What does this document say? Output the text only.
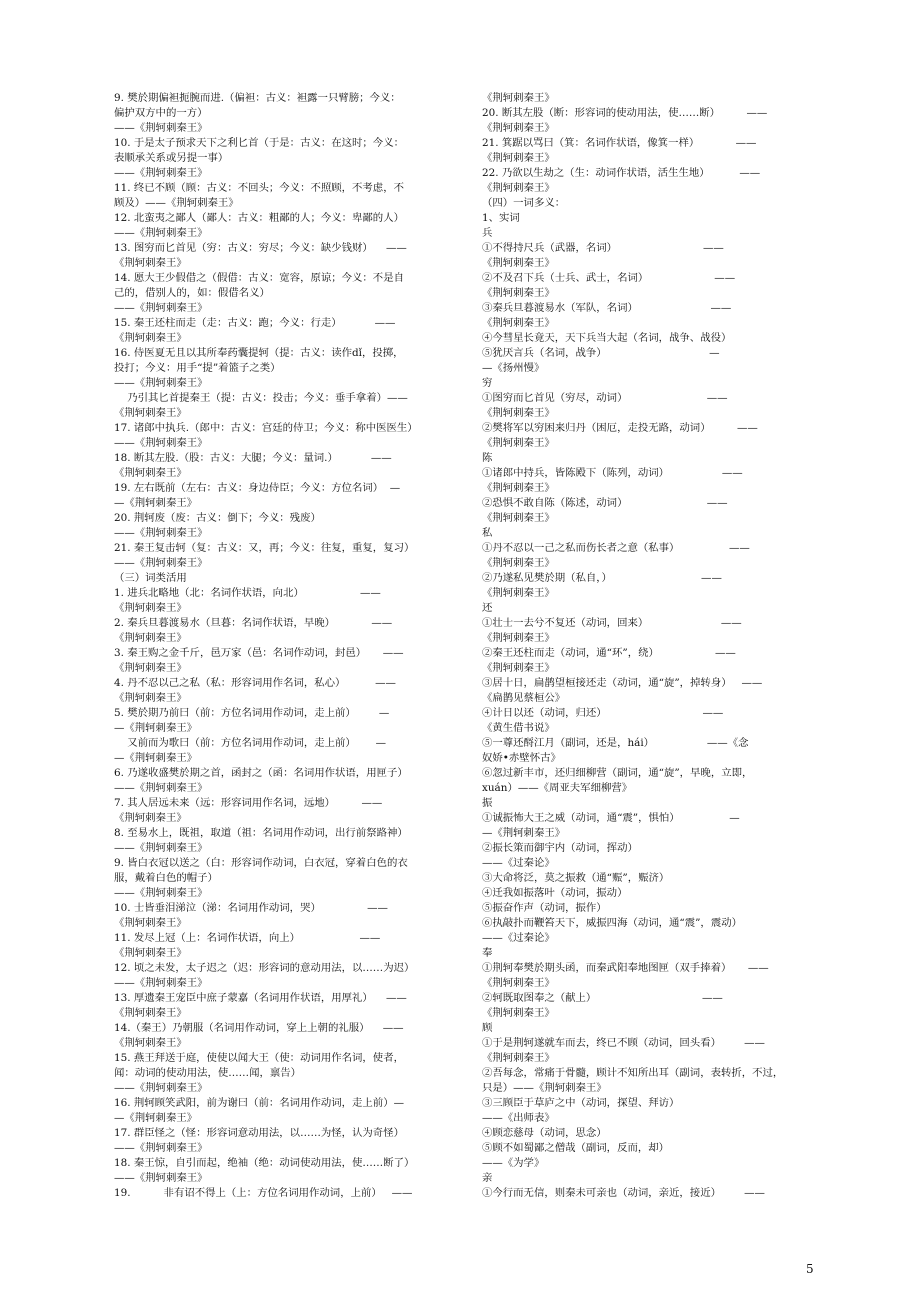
9. 樊於期偏袒扼腕而进.（偏袒：古义：袒露一只臂膀；今义：
偏护双方中的一方）
——《荆轲刺秦王》
10. 于是太子预求天下之利匕首（于是：古义：在这时；今义：
表顺承关系或另提一事）
——《荆轲刺秦王》
11. 终已不顾（顾：古义：不回头；今义：不照顾，不考虑，不
顾及）——《荆轲刺秦王》
12. 北蛮夷之鄙人（鄙人：古义：粗鄙的人；今义：卑鄙的人）
——《荆轲刺秦王》
13. 图穷而匕首见（穷：古义：穷尽；今义：缺少钱财）    ——
《荆轲刺秦王》
14. 愿大王少假借之（假借：古义：宽容，原谅；今义：不是自
己的，借别人的，如：假借名义）
——《荆轲刺秦王》
15. 秦王还柱而走（走：古义：跑；今义：行走）          ——
《荆轲刺秦王》
16. 侍医夏无且以其所奉药囊提轲（提：古义：读作dǐ，投掷，
投打；今义：用手“提”着篮子之类）
——《荆轲刺秦王》
乃引其匕首提秦王（提：古义：投击；今义：垂手拿着）——
《荆轲刺秦王》
17. 诸郎中执兵.（郎中：古义：宫廷的侍卫；今义：称中医医生）
——《荆轲刺秦王》
18. 断其左股.（股：古义：大腿；今义：量词.）          ——
《荆轲刺秦王》
19. 左右既前（左右：古义：身边侍臣；今义：方位名词）  —
—《荆轲刺秦王》
20. 荆轲废（废：古义：倒下；今义：残废）
——《荆轲刺秦王》
21. 秦王复击轲（复：古义：又，再；今义：往复，重复，复习）
——《荆轲刺秦王》
（三）词类活用
1. 进兵北略地（北：名词作状语，向北）                 ——
《荆轲刺秦王》
2. 秦兵旦暮渡易水（旦暮：名词作状语，早晚）           ——
《荆轲刺秦王》
3. 秦王购之金千斤，邑万家（邑：名词作动词，封邑）     ——
《荆轲刺秦王》
4. 丹不忍以己之私（私：形容词用作名词，私心）         ——
《荆轲刺秦王》
5. 樊於期乃前曰（前：方位名词用作动词，走上前）       —
—《荆轲刺秦王》
又前而为歌曰（前：方位名词用作动词，走上前）      —
—《荆轲刺秦王》
6. 乃遂收盛樊於期之首，函封之（函：名词用作状语，用匣子）
——《荆轲刺秦王》
7. 其人居远未来（远：形容词用作名词，远地）        ——
《荆轲刺秦王》
8. 至易水上，既祖，取道（祖：名词用作动词，出行前祭路神）
——《荆轲刺秦王》
9. 皆白衣冠以送之（白：形容词作动词，白衣冠，穿着白色的衣
服，戴着白色的帽子）
——《荆轲刺秦王》
10. 士皆垂泪涕泣（涕：名词用作动词，哭）              ——
《荆轲刺秦王》
11. 发尽上冠（上：名词作状语，向上）                  ——
《荆轲刺秦王》
12. 顷之未发，太子迟之（迟：形容词的意动用法，以……为迟）
——《荆轲刺秦王》
13. 厚遗秦王宠臣中庶子蒙嘉（名词用作状语，用厚礼）    ——
《荆轲刺秦王》
14.（秦王）乃朝服（名词用作动词，穿上上朝的礼服）    ——
《荆轲刺秦王》
15. 燕王拜送于庭，使使以闻大王（使：动词用作名词，使者，
闻：动词的使动用法，使……闻，禀告）
——《荆轲刺秦王》
16. 荆轲顾笑武阳，前为谢曰（前：名词用作动词，走上前）—
—《荆轲刺秦王》
17. 群臣怪之（怪：形容词意动用法，以……为怪，认为奇怪）
——《荆轲刺秦王》
18. 秦王惊，自引而起，绝袖（绝：动词使动用法，使……断了）
——《荆轲刺秦王》
19.          非有诏不得上（上：方位名词用作动词，上前）   ——
《荆轲刺秦王》
20. 断其左股（断：形容词的使动用法，使……断）        ——
《荆轲刺秦王》
21. 箕踞以骂曰（箕：名词作状语，像箕一样）           ——
《荆轲刺秦王》
22. 乃欲以生劫之（生：动词作状语，活生生地）         ——
《荆轲刺秦王》
（四）一词多义：
1、实词
兵
①不得持尺兵（武器，名词）                          ——
《荆轲刺秦王》
②不及召下兵（士兵、武士，名词）                    ——
《荆轲刺秦王》
③秦兵旦暮渡易水（军队，名词）                      ——
《荆轲刺秦王》
④今彗星长竟天，天下兵当大起（名词，战争、战役）
⑤犹厌言兵（名词，战争）                               —
—《扬州慢》
穷
①图穷而匕首见（穷尽，动词）                        ——
《荆轲刺秦王》
②樊将军以穷困来归丹（困厄，走投无路，动词）        ——
《荆轲刺秦王》
陈
①诸郎中持兵，皆陈殿下（陈列，动词）                ——
《荆轲刺秦王》
②恐惧不敢自陈（陈述，动词）                        ——
《荆轲刺秦王》
私
①丹不忍以一己之私而伤长者之意（私事）               ——
《荆轲刺秦王》
②乃遂私见樊於期（私自，）                           ——
《荆轲刺秦王》
还
①壮士一去兮不复还（动词，回来）                      ——
《荆轲刺秦王》
②秦王还柱而走（动词，通“环”，绕）                 ——
《荆轲刺秦王》
③居十日，扁鹊望桓接还走（动词，通“旋”，掉转身）   ——
《扁鹊见蔡桓公》
④计日以还（动词，归还）                             ——
《黄生借书说》
⑤一尊还酹江月（副词，还是，hái）                ——《念
奴娇•赤壁怀古》
⑥忽过新丰市，还归细柳营（副词，通“旋”，早晚，立即，
xuán）——《周亚夫军细柳营》
振
①诚振怖大王之威（动词，通“震”，惧怕）               —
—《荆轲刺秦王》
②振长策而御宇内（动词，挥动）
——《过秦论》
③大命将泛，莫之振救（通“赈”，赈济）
④迁我如振落叶（动词，振动）
⑤振奋作声（动词，振作）
⑥执敲扑而鞭笞天下，威振四海（动词，通“震”，震动）
——《过秦论》
奉
①荆轲奉樊於期头函，而秦武阳奉地图匣（双手捧着）     ——
《荆轲刺秦王》
②轲既取图奉之（献上）                                ——
《荆轲刺秦王》
顾
①于是荆轲遂就车而去，终已不顾（动词，回头看）       ——
《荆轲刺秦王》
②吾每念，常痛于骨髓，顾计不知所出耳（副词，表转折，不过，
只是）——《荆轲刺秦王》
③三顾臣于草庐之中（动词，探望、拜访）
——《出师表》
④顾恋慈母（动词，思念）
⑤顾不如蜀鄙之僧哉（副词，反而，却）
——《为学》
亲
①今行而无信，则秦未可亲也（动词，亲近，接近）       ——
5
